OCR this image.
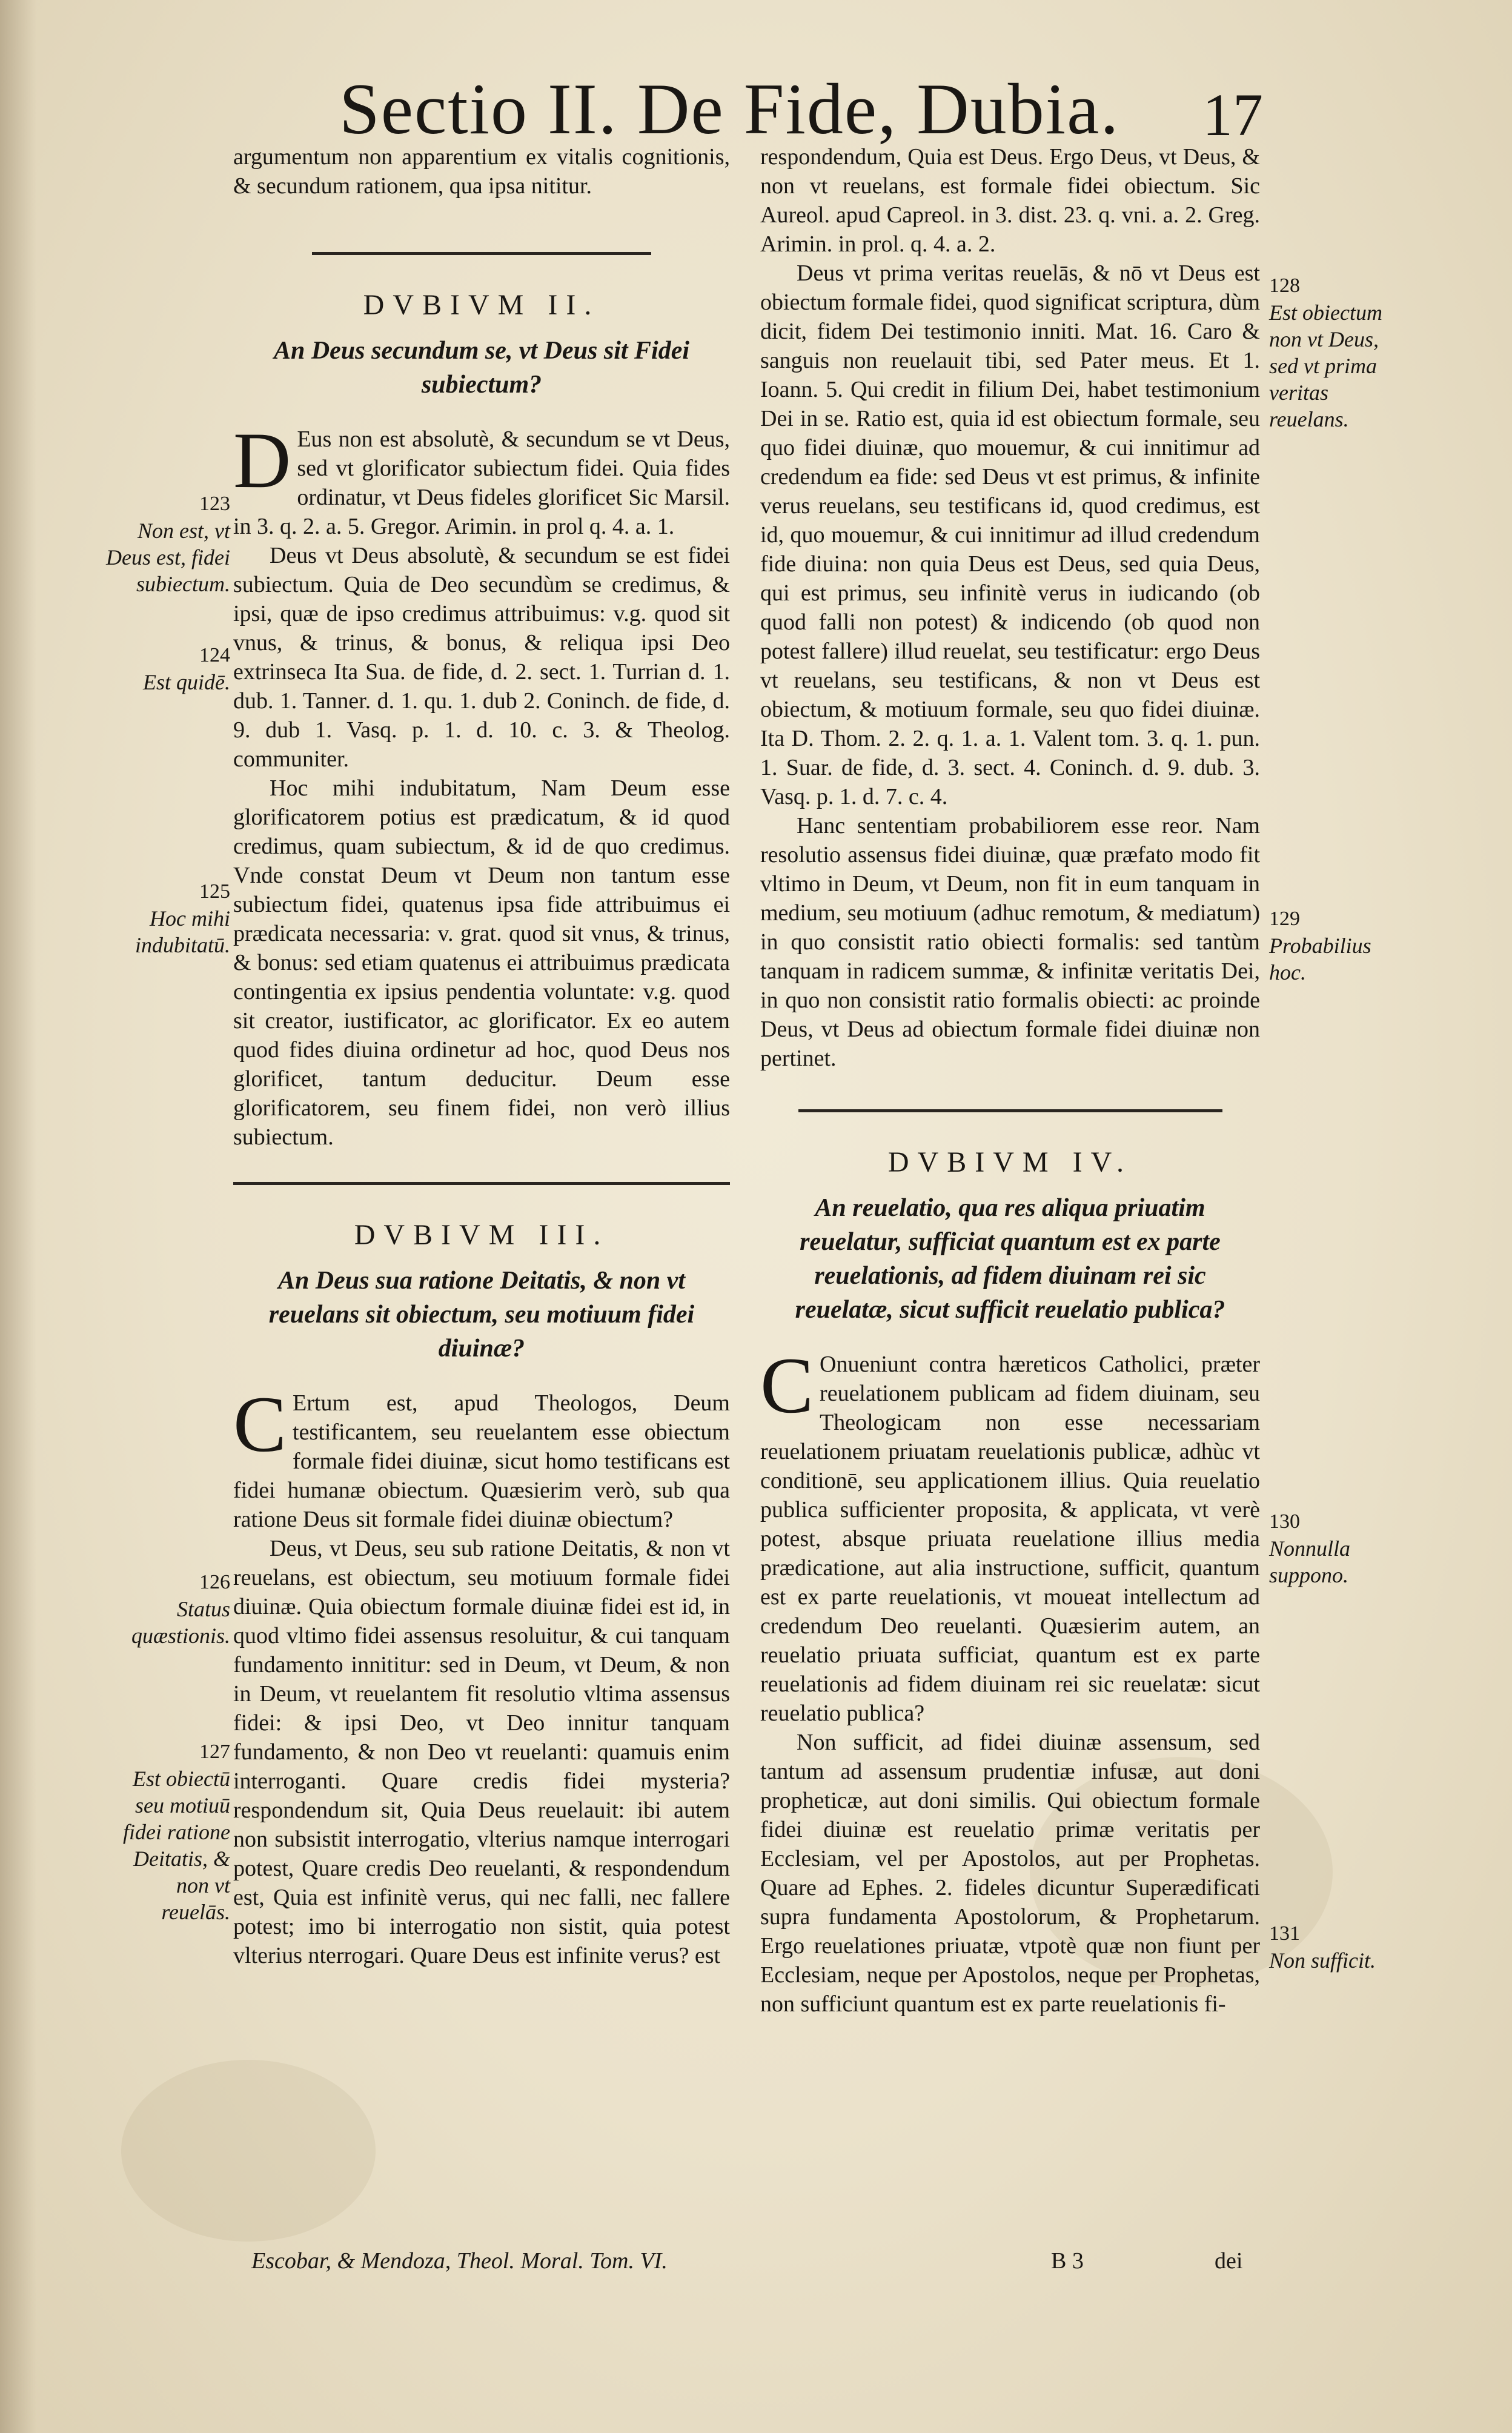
Sectio II. De Fide, Dubia.	17

argumentum non apparentium ex vitalis cognitionis, & secundum rationem, qua ipsa nititur.

DVBIVM II.

An Deus secundum se, vt Deus sit Fidei subiectum?

D Eus non est absolutè, & secundum se vt Deus, sed vt glorificator subiectum fidei. Quia fides ordinatur, vt Deus fideles glorificet Sic Marsil. in 3. q. 2. a. 5. Gregor. Arimin. in prol q. 4. a. 1.

Deus vt Deus absolutè, & secundum se est fidei subiectum. Quia de Deo secundùm se credimus, & ipsi, quæ de ipso credimus attribuimus: v.g. quod sit vnus, & trinus, & bonus, & reliqua ipsi Deo extrinseca Ita Sua. de fide, d. 2. sect. 1. Turrian d. 1. dub. 1. Tanner. d. 1. qu. 1. dub 2. Coninch. de fide, d. 9. dub 1. Vasq. p. 1. d. 10. c. 3. & Theolog. communiter.

Hoc mihi indubitatum, Nam Deum esse glorificatorem potius est prædicatum, & id quod credimus, quam subiectum, & id de quo credimus. Vnde constat Deum vt Deum non tantum esse subiectum fidei, quatenus ipsa fide attribuimus ei prædicata necessaria: v. grat. quod sit vnus, & trinus, & bonus: sed etiam quatenus ei attribuimus prædicata contingentia ex ipsius pendentia voluntate: v.g. quod sit creator, iustificator, ac glorificator. Ex eo autem quod fides diuina ordinetur ad hoc, quod Deus nos glorificet, tantum deducitur. Deum esse glorificatorem, seu finem fidei, non verò illius subiectum.

DVBIVM III.

An Deus sua ratione Deitatis, & non vt reuelans sit obiectum, seu motiuum fidei diuinæ?

C Ertum est, apud Theologos, Deum testificantem, seu reuelantem esse obiectum formale fidei diuinæ, sicut homo testificans est fidei humanæ obiectum. Quæsierim verò, sub qua ratione Deus sit formale fidei diuinæ obiectum?

Deus, vt Deus, seu sub ratione Deitatis, & non vt reuelans, est obiectum, seu motiuum formale fidei diuinæ. Quia obiectum formale diuinæ fidei est id, in quod vltimo fidei assensus resoluitur, & cui tanquam fundamento innititur: sed in Deum, vt Deum, & non in Deum, vt reuelantem fit resolutio vltima assensus fidei: & ipsi Deo, vt Deo innitur tanquam fundamento, & non Deo vt reuelanti: quamuis enim interroganti. Quare credis fidei mysteria? respondendum sit, Quia Deus reuelauit: ibi autem non subsistit interrogatio, vlterius namque interrogari potest, Quare credis Deo reuelanti, & respondendum est, Quia est infinitè verus, qui nec falli, nec fallere potest; imo bi interrogatio non sistit, quia potest vlterius nterrogari. Quare Deus est infinite verus? est

respondendum, Quia est Deus. Ergo Deus, vt Deus, & non vt reuelans, est formale fidei obiectum. Sic Aureol. apud Capreol. in 3. dist. 23. q. vni. a. 2. Greg. Arimin. in prol. q. 4. a. 2.

Deus vt prima veritas reuelās, & nō vt Deus est obiectum formale fidei, quod significat scriptura, dùm dicit, fidem Dei testimonio inniti. Mat. 16. Caro & sanguis non reuelauit tibi, sed Pater meus. Et 1. Ioann. 5. Qui credit in filium Dei, habet testimonium Dei in se. Ratio est, quia id est obiectum formale, seu quo fidei diuinæ, quo mouemur, & cui innitimur ad credendum ea fide: sed Deus vt est primus, & infinite verus reuelans, seu testificans id, quod credimus, est id, quo mouemur, & cui innitimur ad illud credendum fide diuina: non quia Deus est Deus, sed quia Deus, qui est primus, seu infinitè verus in iudicando (ob quod falli non potest) & indicendo (ob quod non potest fallere) illud reuelat, seu testificatur: ergo Deus vt reuelans, seu testificans, & non vt Deus est obiectum, & motiuum formale, seu quo fidei diuinæ. Ita D. Thom. 2. 2. q. 1. a. 1. Valent tom. 3. q. 1. pun. 1. Suar. de fide, d. 3. sect. 4. Coninch. d. 9. dub. 3. Vasq. p. 1. d. 7. c. 4.

Hanc sententiam probabiliorem esse reor. Nam resolutio assensus fidei diuinæ, quæ præfato modo fit vltimo in Deum, vt Deum, non fit in eum tanquam in medium, seu motiuum (adhuc remotum, & mediatum) in quo consistit ratio obiecti formalis: sed tantùm tanquam in radicem summæ, & infinitæ veritatis Dei, in quo non consistit ratio formalis obiecti: ac proinde Deus, vt Deus ad obiectum formale fidei diuinæ non pertinet.

DVBIVM IV.

An reuelatio, qua res aliqua priuatim reuelatur, sufficiat quantum est ex parte reuelationis, ad fidem diuinam rei sic reuelatæ, sicut sufficit reuelatio publica?

C Onueniunt contra hæreticos Catholici, præter reuelationem publicam ad fidem diuinam, seu Theologicam non esse necessariam reuelationem priuatam reuelationis publicæ, adhùc vt conditionē, seu applicationem illius. Quia reuelatio publica sufficienter proposita, & applicata, vt verè potest, absque priuata reuelatione illius media prædicatione, aut alia instructione, sufficit, quantum est ex parte reuelationis, vt moueat intellectum ad credendum Deo reuelanti. Quæsierim autem, an reuelatio priuata sufficiat, quantum est ex parte reuelationis ad fidem diuinam rei sic reuelatæ: sicut reuelatio publica?

Non sufficit, ad fidei diuinæ assensum, sed tantum ad assensum prudentiæ infusæ, aut doni propheticæ, aut doni similis. Qui obiectum formale fidei diuinæ est reuelatio primæ veritatis per Ecclesiam, vel per Apostolos, aut per Prophetas. Quare ad Ephes. 2. fideles dicuntur Superædificati supra fundamenta Apostolorum, & Prophetarum. Ergo reuelationes priuatæ, vtpotè quæ non fiunt per Ecclesiam, neque per Apostolos, neque per Prophetas, non sufficiunt quantum est ex parte reuelationis fi-

123
Non est, vt Deus est, fidei subiectum.
124
Est quidē.
125
Hoc mihi indubitatū.
126
Status quæstionis.
127
Est obiectū seu motiuū fidei ratione Deitatis, & non vt reuelās.
128
Est obiectum non vt Deus, sed vt prima veritas reuelans.
129
Probabilius hoc.
130
Nonnulla suppono.
131
Non sufficit.
Escobar, & Mendoza, Theol. Moral. Tom. VI.	B 3	dei
